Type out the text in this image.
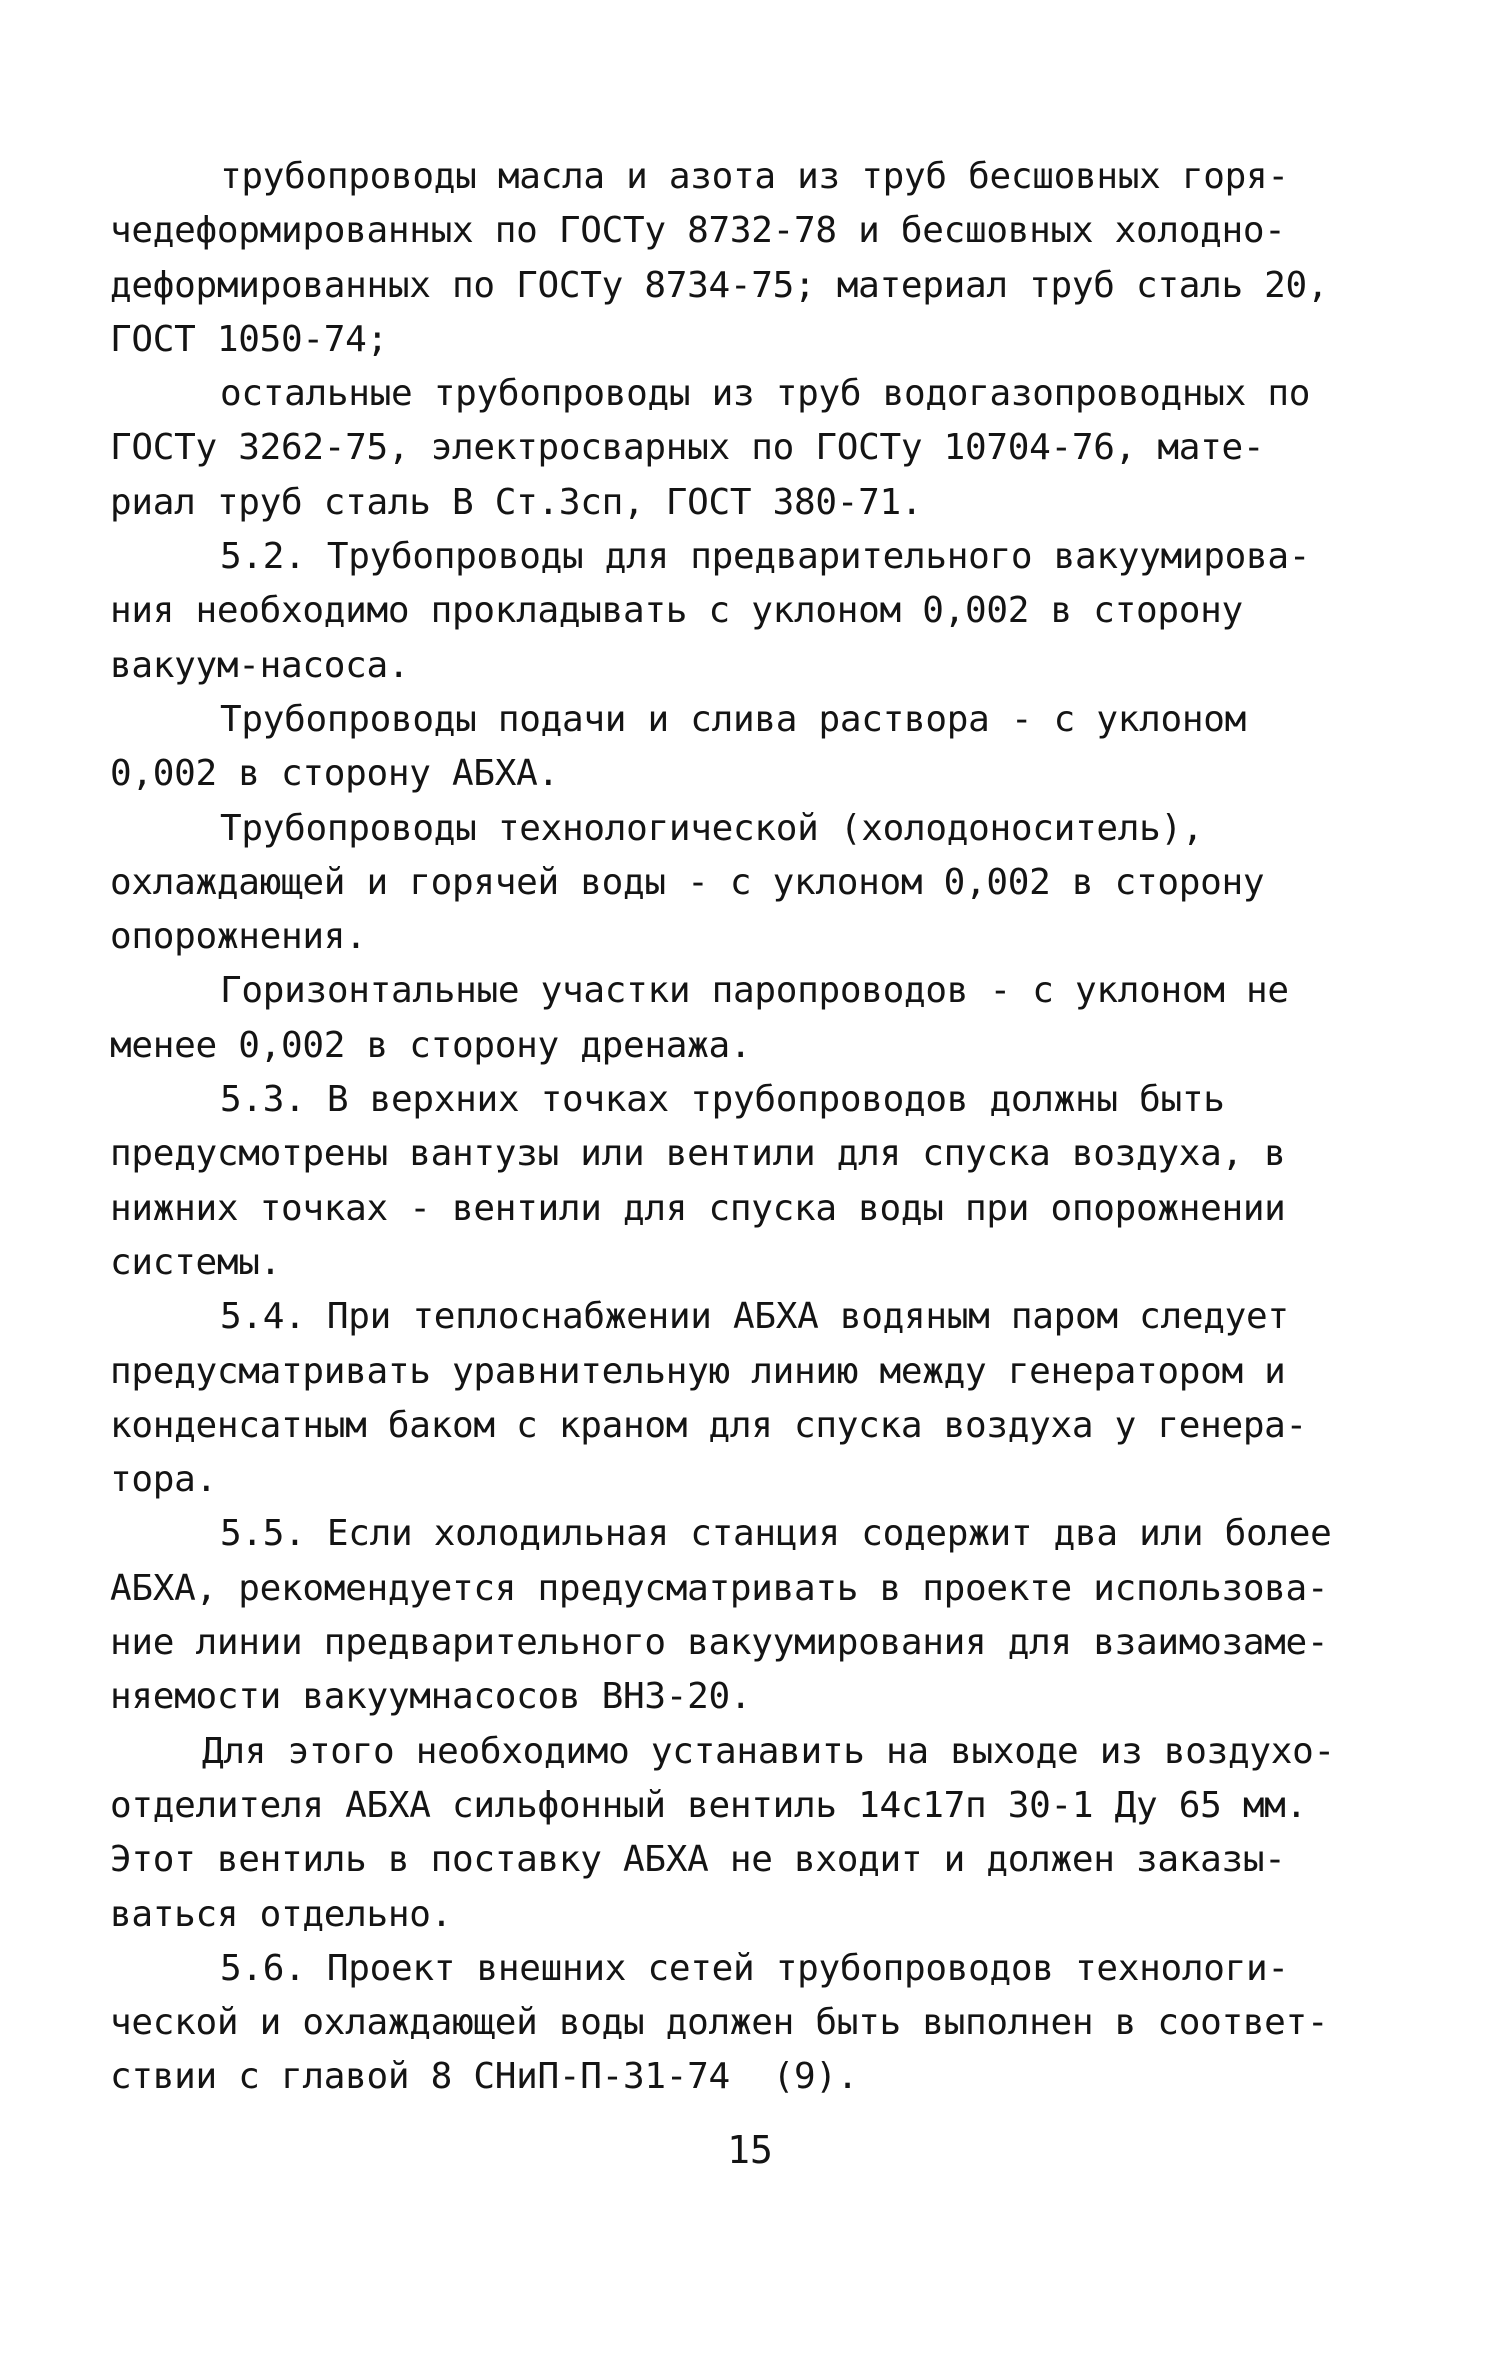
трубопроводы масла и азота из труб бесшовных горя-
чедеформированных по ГОСТу 8732-78 и бесшовных холодно-
деформированных по ГОСТу 8734-75; материал труб сталь 20,
ГОСТ 1050-74;
остальные трубопроводы из труб водогазопроводных по
ГОСТу 3262-75, электросварных по ГОСТу 10704-76, мате-
риал труб сталь В Ст.3сп, ГОСТ 380-71.
5.2. Трубопроводы для предварительного вакуумирова-
ния необходимо прокладывать с уклоном 0,002 в сторону
вакуум-насоса.
Трубопроводы подачи и слива раствора - с уклоном
0,002 в сторону АБХА.
Трубопроводы технологической (холодоноситель),
охлаждающей и горячей воды - с уклоном 0,002 в сторону
опорожнения.
Горизонтальные участки паропроводов - с уклоном не
менее 0,002 в сторону дренажа.
5.3. В верхних точках трубопроводов должны быть
предусмотрены вантузы или вентили для спуска воздуха, в
нижних точках - вентили для спуска воды при опорожнении
системы.
5.4. При теплоснабжении АБХА водяным паром следует
предусматривать уравнительную линию между генератором и
конденсатным баком с краном для спуска воздуха у генера-
тора.
5.5. Если холодильная станция содержит два или более
АБХА, рекомендуется предусматривать в проекте использова-
ние линии предварительного вакуумирования для взаимозаме-
няемости вакуумнасосов ВНЗ-20.
Для этого необходимо устанавить на выходе из воздухо-
отделителя АБХА сильфонный вентиль 14с17п 30-1 Ду 65 мм.
Этот вентиль в поставку АБХА не входит и должен заказы-
ваться отдельно.
5.6. Проект внешних сетей трубопроводов технологи-
ческой и охлаждающей воды должен быть выполнен в соответ-
ствии с главой 8 СНиП-П-31-74  (9).
15
